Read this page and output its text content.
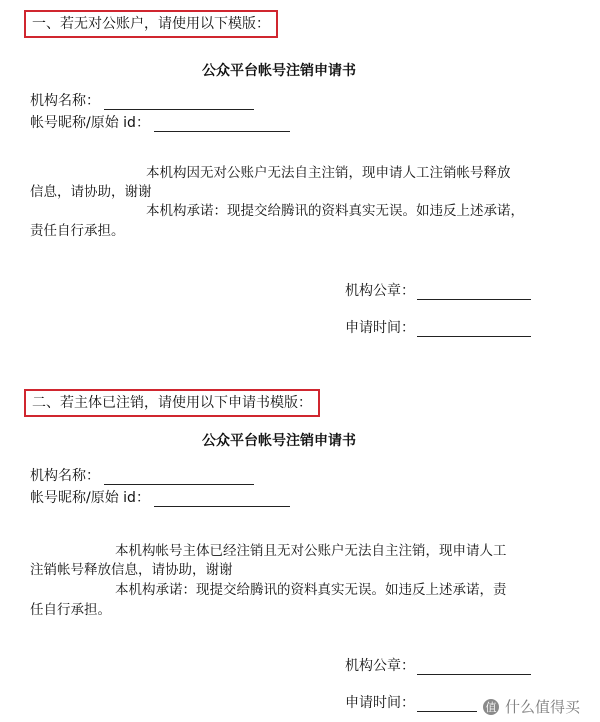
一、若无对公账户，请使用以下模版：
公众平台帐号注销申请书
机构名称：
帐号昵称/原始 id：
本机构因无对公账户无法自主注销，现申请人工注销帐号释放
信息，请协助，谢谢
本机构承诺：现提交给腾讯的资料真实无误。如违反上述承诺，
责任自行承担。
机构公章：
申请时间：
二、若主体已注销，请使用以下申请书模版：
公众平台帐号注销申请书
机构名称：
帐号昵称/原始 id：
本机构帐号主体已经注销且无对公账户无法自主注销，现申请人工
注销帐号释放信息，请协助，谢谢
本机构承诺：现提交给腾讯的资料真实无误。如违反上述承诺，责
任自行承担。
机构公章：
申请时间：	值 什么值得买
